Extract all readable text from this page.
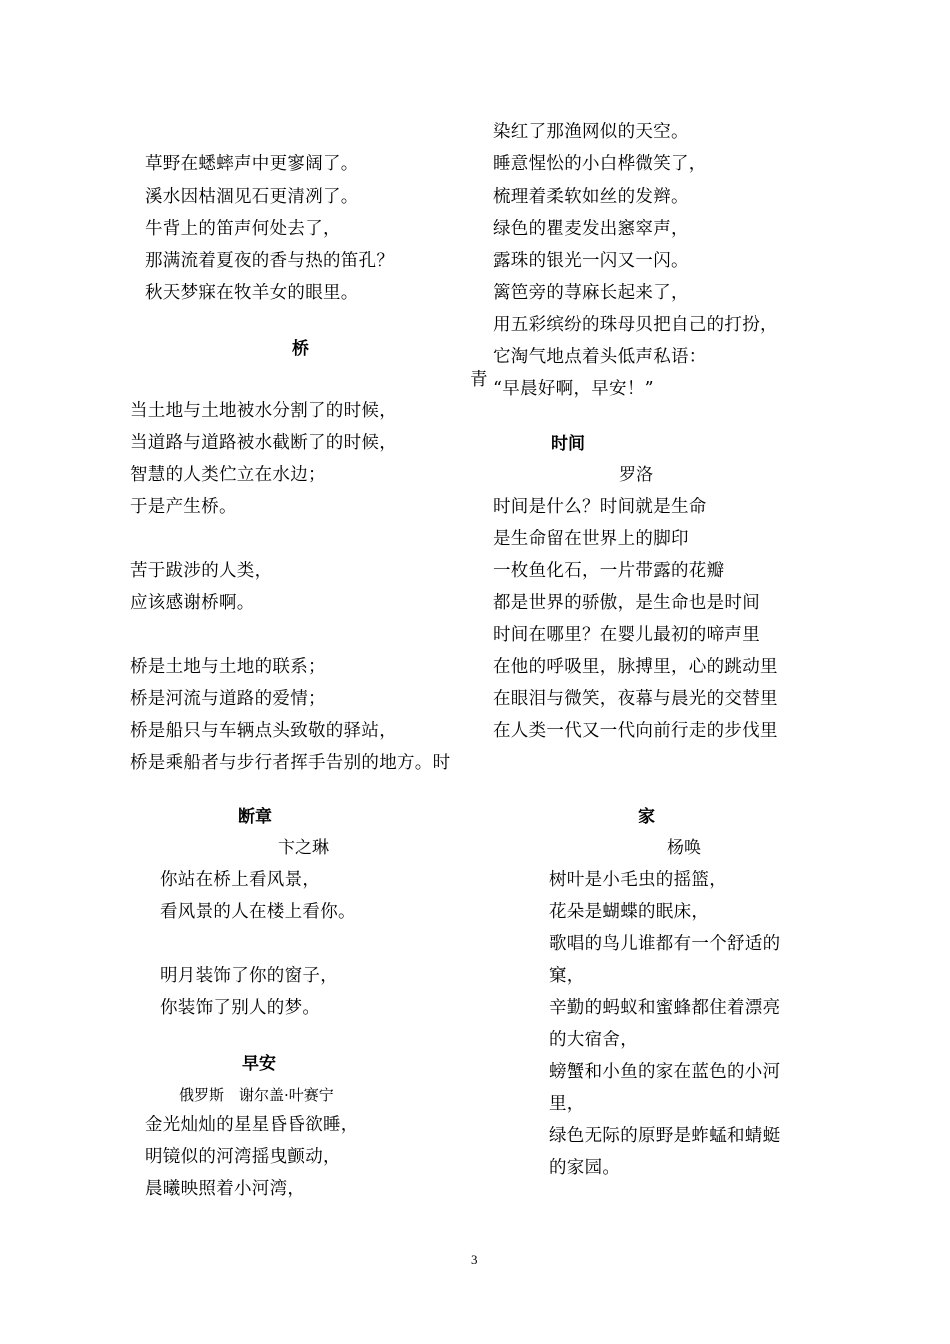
草野在蟋蟀声中更寥阔了。
溪水因枯涸见石更清冽了。
牛背上的笛声何处去了，
那满流着夏夜的香与热的笛孔？
秋天梦寐在牧羊女的眼里。
桥
当土地与土地被水分割了的时候，
当道路与道路被水截断了的时候，
智慧的人类伫立在水边；
于是产生桥。
苦于跋涉的人类，
应该感谢桥啊。
桥是土地与土地的联系；
桥是河流与道路的爱情；
桥是船只与车辆点头致敬的驿站，
桥是乘船者与步行者挥手告别的地方。时
青
染红了那渔网似的天空。
睡意惺忪的小白桦微笑了，
梳理着柔软如丝的发辫。
绿色的瞿麦发出窸窣声，
露珠的银光一闪又一闪。
篱笆旁的荨麻长起来了，
用五彩缤纷的珠母贝把自己的打扮，
它淘气地点着头低声私语：
“早晨好啊，早安！”
时间
罗洛
时间是什么？时间就是生命
是生命留在世界上的脚印
一枚鱼化石，一片带露的花瓣
都是世界的骄傲，是生命也是时间
时间在哪里？在婴儿最初的啼声里
在他的呼吸里，脉搏里，心的跳动里
在眼泪与微笑，夜幕与晨光的交替里
在人类一代又一代向前行走的步伐里
断章
卞之琳
你站在桥上看风景，
看风景的人在楼上看你。
明月装饰了你的窗子，
你装饰了别人的梦。
早安
俄罗斯　谢尔盖·叶赛宁
金光灿灿的星星昏昏欲睡，
明镜似的河湾摇曳颤动，
晨曦映照着小河湾，
家
杨唤
树叶是小毛虫的摇篮，
花朵是蝴蝶的眠床，
歌唱的鸟儿谁都有一个舒适的
窠，
辛勤的蚂蚁和蜜蜂都住着漂亮
的大宿舍，
螃蟹和小鱼的家在蓝色的小河
里，
绿色无际的原野是蚱蜢和蜻蜓
的家园。
3
